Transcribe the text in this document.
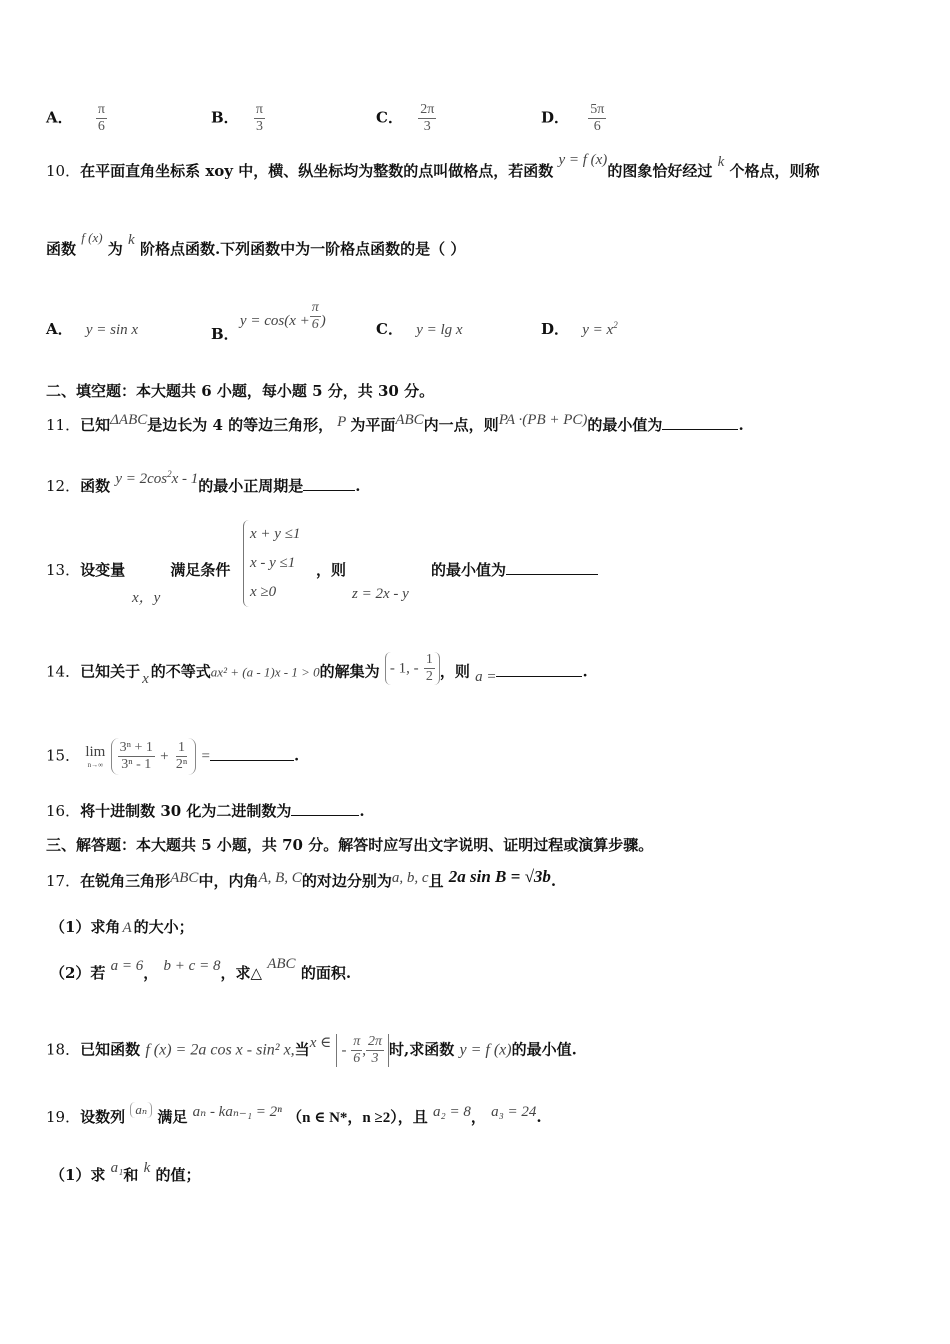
A． $\frac{\pi}{6}$	B． $\frac{\pi}{3}$	C． $\frac{2\pi}{3}$	D． $\frac{5\pi}{6}$
10．在平面直角坐标系 xoy 中，横、纵坐标均为整数的点叫做格点，若函数 y = f (x)的图象恰好经过 k 个格点，则称
函数 f (x) 为 k 阶格点函数.下列函数中为一阶格点函数的是（ ）
A． y = sin x	B． $y = \cos(x + \frac{\pi}{6}$ )	C． y = lg x	D． $y = x^2$
二、填空题：本大题共 6 小题，每小题 5 分，共 30 分。
11．已知ΔABC是边长为 4 的等边三角形， P 为平面ABC内一点，则PA ·(PB + PC)的最小值为	.
12．函数 $y = 2\cos^2x - 1$的最小正周期是	.
13．设变量	满足条件
x，y
x + y ≤1
x - y ≤1
x ≥0
，则
z = 2x - y
的最小值为
14．已知关于 x 的不等式ax² + (a - 1)x - 1 > 0的解集为 - 1, - $\frac{1}{2}$ ，则 a =	.
15． lim
n→∞
$\frac{\text{3ⁿ + 1}}{\text{3ⁿ - 1}} + \frac{1}{\text{2ⁿ}}$ =	.
16．将十进制数 30 化为二进制数为	.
三、解答题：本大题共 5 小题，共 70 分。解答时应写出文字说明、证明过程或演算步骤。
17．在锐角三角形ABC中，内角A, B, C的对边分别为a, b, c且 2a sin B = √3b.
（1）求角 A 的大小；
（2）若 a = 6， b + c = 8，求△ ABC 的面积.
18．已知函数 f (x) = 2a cos x - sin² x,当x ∈ - $\frac{\pi}{6}$ , $\frac{2\pi}{3}$ 时,求函数 y = f (x)的最小值.
19．设数列 aₙ 满足 aₙ - kaₙ₋₁ = 2ⁿ （n ∈ N*，n ≥2），且 a₂ = 8， a₃ = 24.
（1）求 a₁和 k 的值；
